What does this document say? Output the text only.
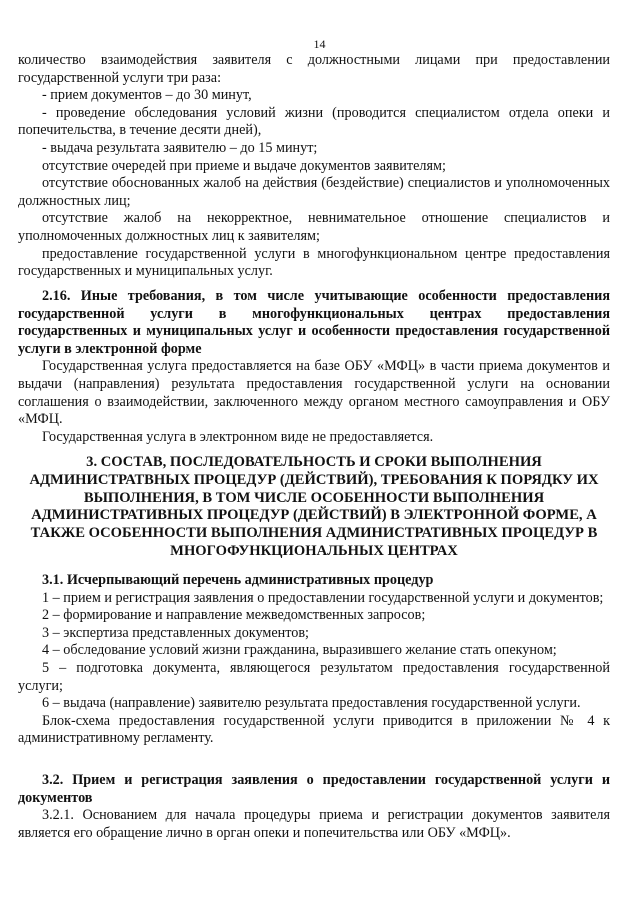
14

количество взаимодействия заявителя с должностными лицами при предоставлении государственной услуги три раза:

- прием документов – до 30 минут,

- проведение обследования условий жизни (проводится специалистом отдела опеки и попечительства, в течение десяти дней),

- выдача результата заявителю – до 15 минут;

отсутствие очередей при приеме и выдаче документов заявителям;

отсутствие обоснованных жалоб на действия (бездействие) специалистов и уполномоченных должностных лиц;

отсутствие жалоб на некорректное, невнимательное отношение специалистов и уполномоченных должностных лиц к заявителям;

предоставление государственной услуги в многофункциональном центре предоставления государственных и муниципальных услуг.

2.16. Иные требования, в том числе учитывающие особенности предоставления государственной услуги в многофункциональных центрах предоставления государственных и муниципальных услуг и особенности предоставления государственной услуги в электронной форме

Государственная услуга предоставляется на базе ОБУ «МФЦ» в части приема документов и выдачи (направления) результата предоставления государственной услуги на основании соглашения о взаимодействии, заключенного между органом местного самоуправления и ОБУ «МФЦ.

Государственная услуга в электронном виде не предоставляется.

3. СОСТАВ, ПОСЛЕДОВАТЕЛЬНОСТЬ И СРОКИ ВЫПОЛНЕНИЯ

АДМИНИСТРАТВНЫХ ПРОЦЕДУР (ДЕЙСТВИЙ), ТРЕБОВАНИЯ К ПОРЯДКУ ИХ

ВЫПОЛНЕНИЯ, В ТОМ ЧИСЛЕ ОСОБЕННОСТИ ВЫПОЛНЕНИЯ

АДМИНИСТРАТИВНЫХ ПРОЦЕДУР (ДЕЙСТВИЙ) В ЭЛЕКТРОННОЙ ФОРМЕ, А

ТАКЖЕ ОСОБЕННОСТИ ВЫПОЛНЕНИЯ АДМИНИСТРАТИВНЫХ ПРОЦЕДУР В

МНОГОФУНКЦИОНАЛЬНЫХ ЦЕНТРАХ

3.1. Исчерпывающий перечень административных процедур

1 – прием и регистрация заявления о предоставлении государственной услуги и документов;

2 – формирование и направление межведомственных запросов;

3 – экспертиза представленных документов;

4 – обследование условий жизни гражданина, выразившего желание стать опекуном;

5 – подготовка документа, являющегося результатом предоставления государственной услуги;

6 – выдача (направление) заявителю результата предоставления государственной услуги.

Блок-схема предоставления государственной услуги приводится в приложении № 4 к административному регламенту.

3.2. Прием и регистрация заявления о предоставлении государственной услуги и документов

3.2.1. Основанием для начала процедуры приема и регистрации документов заявителя является его обращение лично в орган опеки и попечительства или ОБУ «МФЦ».
